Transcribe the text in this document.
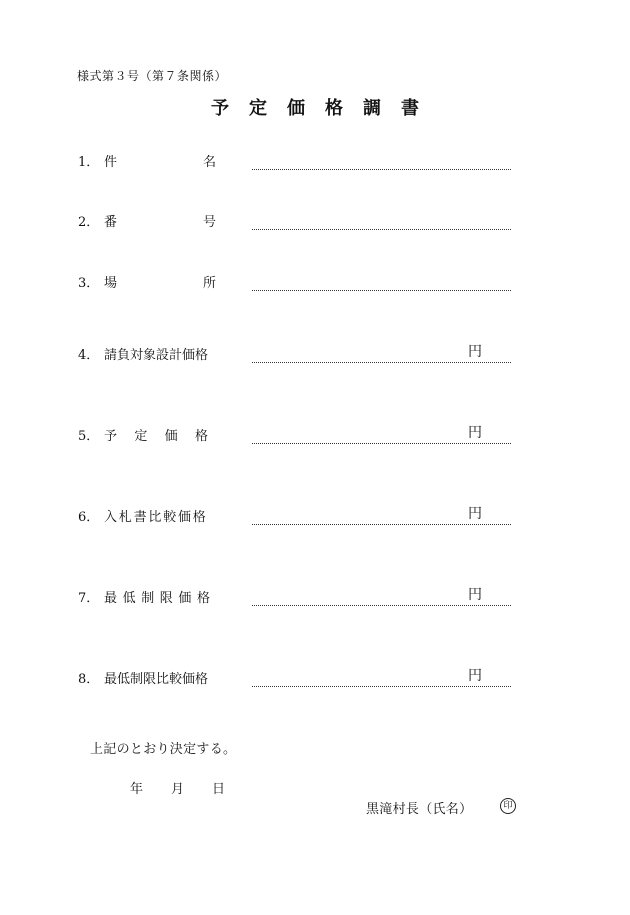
様式第３号（第７条関係）
予 定 価 格 調 書
1． 件	名
2． 番	号
3． 場	所
4． 請負対象設計価格	円
5． 予 定 価 格	円
6． 入札書比較価格	円
7． 最 低 制 限 価 格	円
8． 最低制限比較価格	円
上記のとおり決定する。
年 月 日
黒滝村長（氏名）	印
